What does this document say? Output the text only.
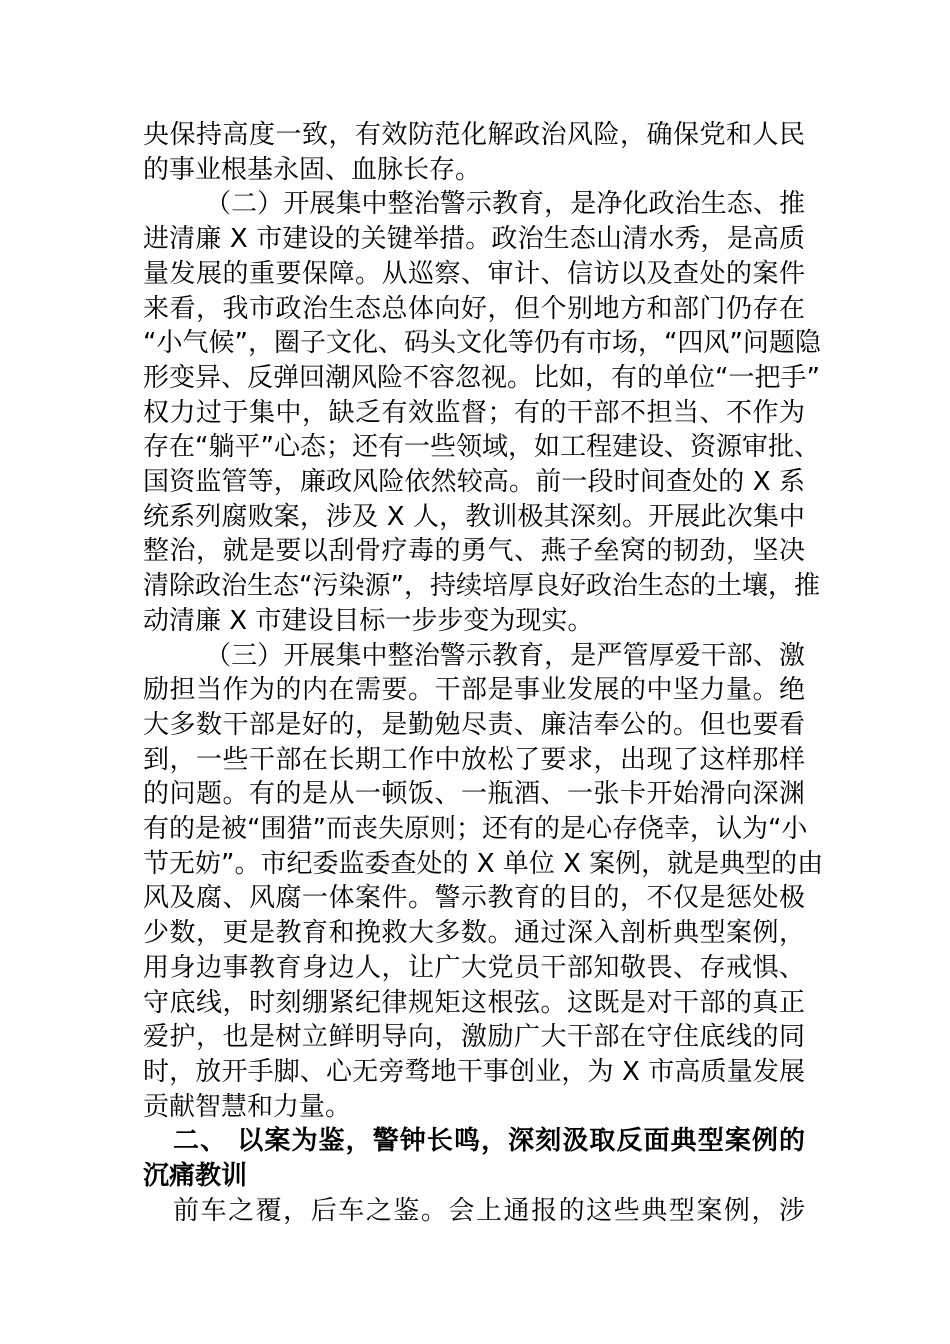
央保持高度一致，有效防范化解政治风险，确保党和人民
的事业根基永固、血脉长存。
（二）开展集中整治警示教育，是净化政治生态、推
进清廉 X 市建设的关键举措。政治生态山清水秀，是高质
量发展的重要保障。从巡察、审计、信访以及查处的案件
来看，我市政治生态总体向好，但个别地方和部门仍存在
“小气候”，圈子文化、码头文化等仍有市场，“四风”问题隐
形变异、反弹回潮风险不容忽视。比如，有的单位“一把手”
权力过于集中，缺乏有效监督；有的干部不担当、不作为
存在“躺平”心态；还有一些领域，如工程建设、资源审批、
国资监管等，廉政风险依然较高。前一段时间查处的 X 系
统系列腐败案，涉及 X 人，教训极其深刻。开展此次集中
整治，就是要以刮骨疗毒的勇气、燕子垒窝的韧劲，坚决
清除政治生态“污染源”，持续培厚良好政治生态的土壤，推
动清廉 X 市建设目标一步步变为现实。
（三）开展集中整治警示教育，是严管厚爱干部、激
励担当作为的内在需要。干部是事业发展的中坚力量。绝
大多数干部是好的，是勤勉尽责、廉洁奉公的。但也要看
到，一些干部在长期工作中放松了要求，出现了这样那样
的问题。有的是从一顿饭、一瓶酒、一张卡开始滑向深渊
有的是被“围猎”而丧失原则；还有的是心存侥幸，认为“小
节无妨”。市纪委监委查处的 X 单位 X 案例，就是典型的由
风及腐、风腐一体案件。警示教育的目的，不仅是惩处极
少数，更是教育和挽救大多数。通过深入剖析典型案例，
用身边事教育身边人，让广大党员干部知敬畏、存戒惧、
守底线，时刻绷紧纪律规矩这根弦。这既是对干部的真正
爱护，也是树立鲜明导向，激励广大干部在守住底线的同
时，放开手脚、心无旁骛地干事创业，为 X 市高质量发展
贡献智慧和力量。
二、 以案为鉴，警钟长鸣，深刻汲取反面典型案例的
沉痛教训
前车之覆，后车之鉴。会上通报的这些典型案例，涉
